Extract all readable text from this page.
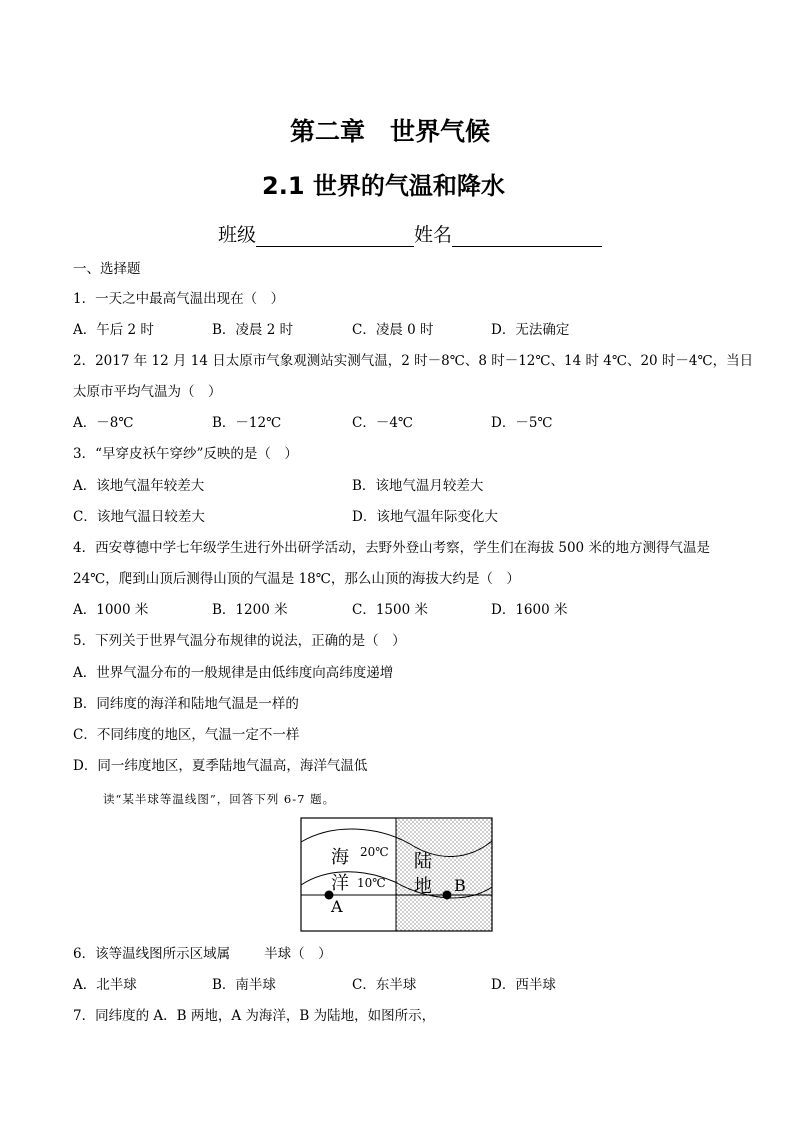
第二章　世界气候
2.1 世界的气温和降水
班级	姓名
一、选择题
1．一天之中最高气温出现在（　）
A．午后 2 时	B．凌晨 2 时	C．凌晨 0 时	D．无法确定
2．2017 年 12 月 14 日太原市气象观测站实测气温，2 时－8℃、8 时－12℃、14 时 4℃、20 时－4℃，当日
太原市平均气温为（　）
A．－8℃	B．－12℃	C．－4℃	D．－5℃
3．“早穿皮袄午穿纱”反映的是（　）
A．该地气温年较差大	B．该地气温月较差大
C．该地气温日较差大	D．该地气温年际变化大
4．西安尊德中学七年级学生进行外出研学活动，去野外登山考察，学生们在海拔 500 米的地方测得气温是
24℃，爬到山顶后测得山顶的气温是 18℃，那么山顶的海拔大约是（　）
A．1000 米	B．1200 米	C．1500 米	D．1600 米
5．下列关于世界气温分布规律的说法，正确的是（　）
A．世界气温分布的一般规律是由低纬度向高纬度递增
B．同纬度的海洋和陆地气温是一样的
C．不同纬度的地区，气温一定不一样
D．同一纬度地区，夏季陆地气温高，海洋气温低
读“某半球等温线图”，回答下列 6-7 题。
海
洋
陆
地
20℃
10℃
A
B
6．该等温线图所示区域属	半球（　）
A．北半球	B．南半球	C．东半球	D．西半球
7．同纬度的 A．B 两地，A 为海洋，B 为陆地，如图所示，
